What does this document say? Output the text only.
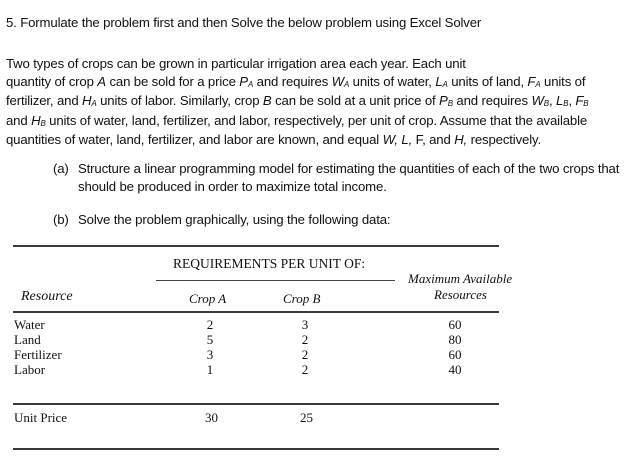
5. Formulate the problem first and then Solve the below problem using Excel Solver
Two types of crops can be grown in particular irrigation area each year. Each unit
quantity of crop A can be sold for a price PA and requires WA units of water, LA units of land, FA units of
fertilizer, and HA units of labor. Similarly, crop B can be sold at a unit price of PB and requires WB, LB, FB
and HB units of water, land, fertilizer, and labor, respectively, per unit of crop. Assume that the available
quantities of water, land, fertilizer, and labor are known, and equal W, L, F, and H, respectively.
(a) Structure a linear programming model for estimating the quantities of each of the two crops that should be produced in order to maximize total income.
(b) Solve the problem graphically, using the following data:
REQUIREMENTS PER UNIT OF:
Resource	Crop A	Crop B
Maximum Available
Resources
Water	2	3	60
Land	5	2	80
Fertilizer	3	2	60
Labor	1	2	40
Unit Price	30	25
